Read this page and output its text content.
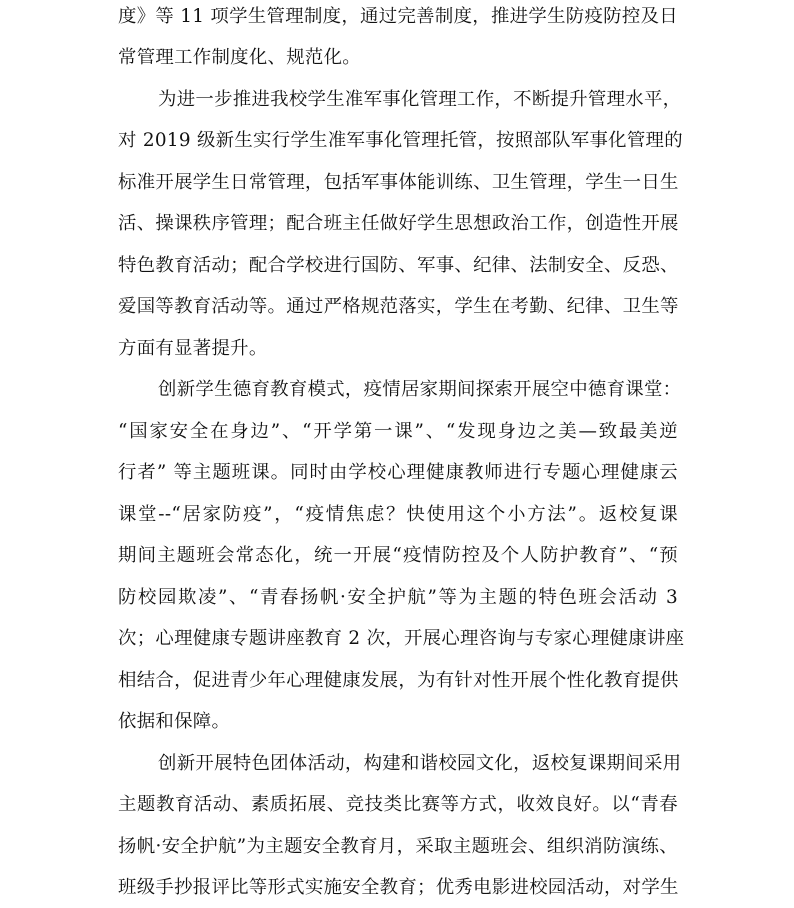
度》等 11 项学生管理制度，通过完善制度，推进学生防疫防控及日
常管理工作制度化、规范化。
为进一步推进我校学生准军事化管理工作，不断提升管理水平，
对 2019 级新生实行学生准军事化管理托管，按照部队军事化管理的
标准开展学生日常管理，包括军事体能训练、卫生管理，学生一日生
活、操课秩序管理；配合班主任做好学生思想政治工作，创造性开展
特色教育活动；配合学校进行国防、军事、纪律、法制安全、反恐、
爱国等教育活动等。通过严格规范落实，学生在考勤、纪律、卫生等
方面有显著提升。
创新学生德育教育模式，疫情居家期间探索开展空中德育课堂：
“国家安全在身边”、“开学第一课”、“发现身边之美—致最美逆
行者” 等主题班课。同时由学校心理健康教师进行专题心理健康云
课堂--“居家防疫”，“疫情焦虑？快使用这个小方法”。返校复课
期间主题班会常态化，统一开展“疫情防控及个人防护教育”、“预
防校园欺凌”、“青春扬帆·安全护航”等为主题的特色班会活动 3
次；心理健康专题讲座教育 2 次，开展心理咨询与专家心理健康讲座
相结合，促进青少年心理健康发展，为有针对性开展个性化教育提供
依据和保障。
创新开展特色团体活动，构建和谐校园文化，返校复课期间采用
主题教育活动、素质拓展、竞技类比赛等方式，收效良好。以“青春
扬帆·安全护航”为主题安全教育月，采取主题班会、组织消防演练、
班级手抄报评比等形式实施安全教育；优秀电影进校园活动，对学生
